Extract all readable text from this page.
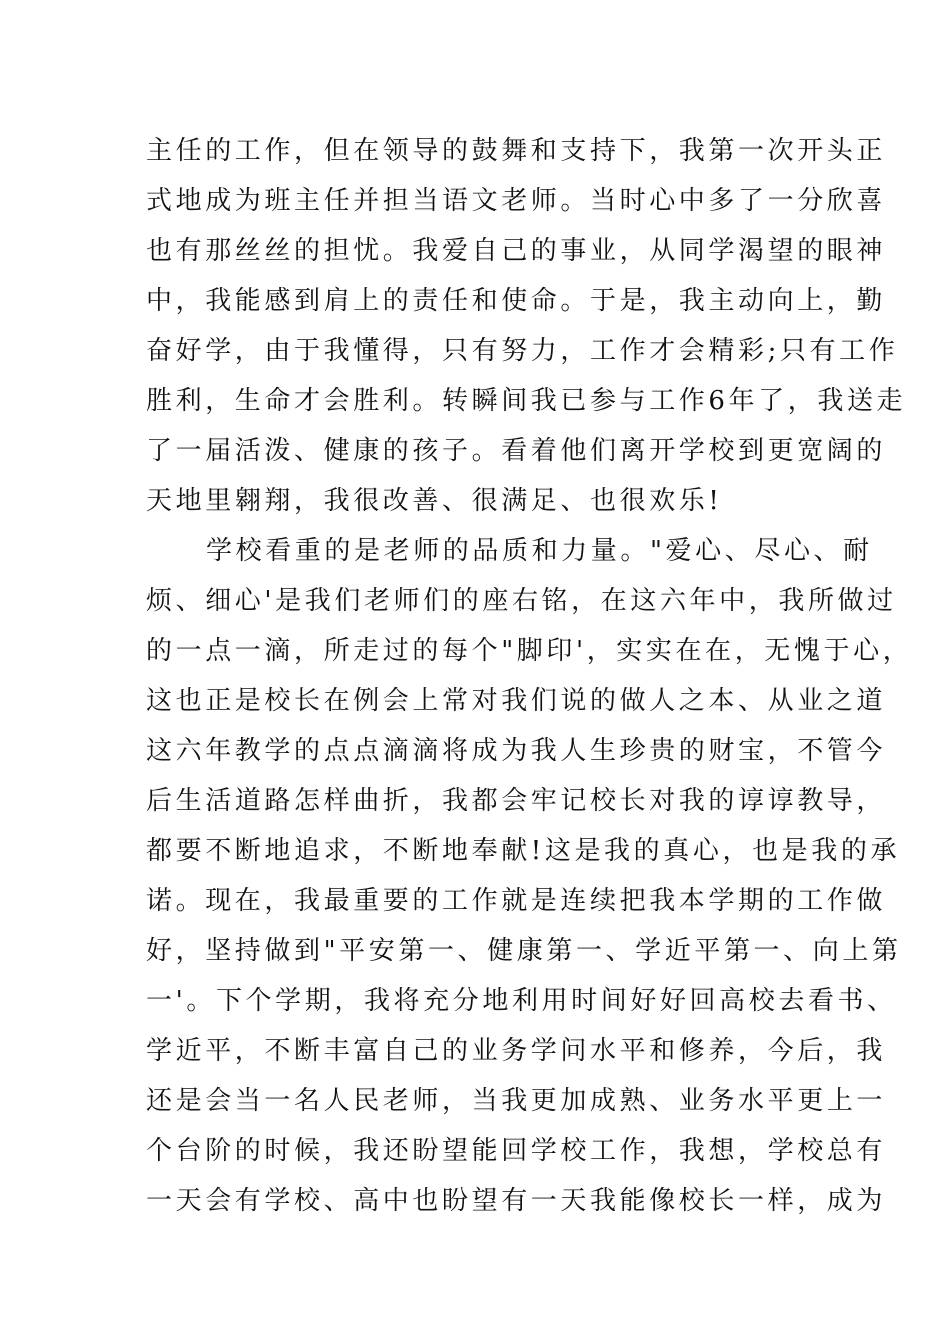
主任的工作，但在领导的鼓舞和支持下，我第一次开头正
式地成为班主任并担当语文老师。当时心中多了一分欣喜
也有那丝丝的担忧。我爱自己的事业，从同学渴望的眼神
中，我能感到肩上的责任和使命。于是，我主动向上，勤
奋好学，由于我懂得，只有努力，工作才会精彩;只有工作
胜利，生命才会胜利。转瞬间我已参与工作6年了，我送走
了一届活泼、健康的孩子。看着他们离开学校到更宽阔的
天地里翱翔，我很改善、很满足、也很欢乐!
学校看重的是老师的品质和力量。"爱心、尽心、耐
烦、细心'是我们老师们的座右铭，在这六年中，我所做过
的一点一滴，所走过的每个"脚印'，实实在在，无愧于心，
这也正是校长在例会上常对我们说的做人之本、从业之道
这六年教学的点点滴滴将成为我人生珍贵的财宝，不管今
后生活道路怎样曲折，我都会牢记校长对我的谆谆教导，
都要不断地追求，不断地奉献!这是我的真心，也是我的承
诺。现在，我最重要的工作就是连续把我本学期的工作做
好，坚持做到"平安第一、健康第一、学近平第一、向上第
一'。下个学期，我将充分地利用时间好好回高校去看书、
学近平，不断丰富自己的业务学问水平和修养，今后，我
还是会当一名人民老师，当我更加成熟、业务水平更上一
个台阶的时候，我还盼望能回学校工作，我想，学校总有
一天会有学校、高中也盼望有一天我能像校长一样，成为
